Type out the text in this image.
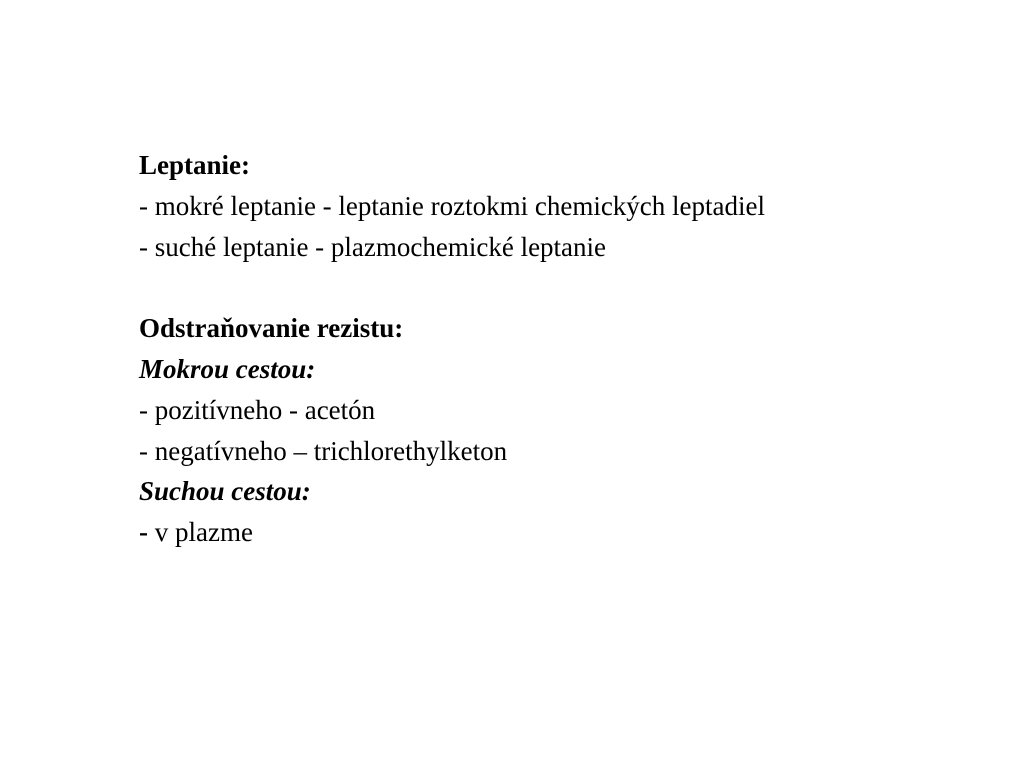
Leptanie:
- mokré leptanie - leptanie roztokmi chemických leptadiel
- suché leptanie - plazmochemické leptanie
Odstraňovanie rezistu:
Mokrou cestou:
- pozitívneho - acetón
- negatívneho – trichlorethylketon
Suchou cestou:
- v plazme
